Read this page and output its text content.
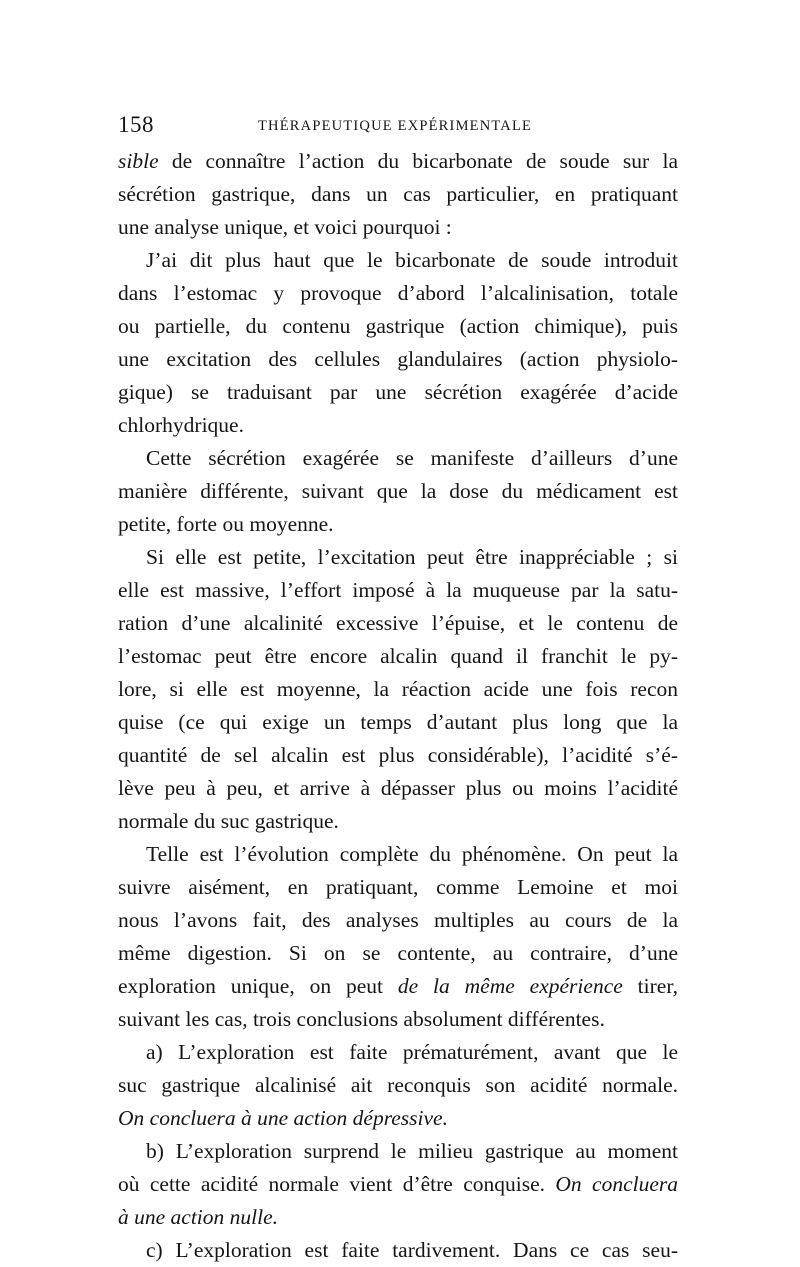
158	THÉRAPEUTIQUE EXPÉRIMENTALE
sible de connaître l’action du bicarbonate de soude sur la
sécrétion gastrique, dans un cas particulier, en pratiquant
une analyse unique, et voici pourquoi :
J’ai dit plus haut que le bicarbonate de soude introduit
dans l’estomac y provoque d’abord l’alcalinisation, totale
ou partielle, du contenu gastrique (action chimique), puis
une excitation des cellules glandulaires (action physiolo-
gique) se traduisant par une sécrétion exagérée d’acide
chlorhydrique.
Cette sécrétion exagérée se manifeste d’ailleurs d’une
manière différente, suivant que la dose du médicament est
petite, forte ou moyenne.
Si elle est petite, l’excitation peut être inappréciable ; si
elle est massive, l’effort imposé à la muqueuse par la satu-
ration d’une alcalinité excessive l’épuise, et le contenu de
l’estomac peut être encore alcalin quand il franchit le py-
lore, si elle est moyenne, la réaction acide une fois recon
quise (ce qui exige un temps d’autant plus long que la
quantité de sel alcalin est plus considérable), l’acidité s’é-
lève peu à peu, et arrive à dépasser plus ou moins l’acidité
normale du suc gastrique.
Telle est l’évolution complète du phénomène. On peut la
suivre aisément, en pratiquant, comme Lemoine et moi
nous l’avons fait, des analyses multiples au cours de la
même digestion. Si on se contente, au contraire, d’une
exploration unique, on peut de la même expérience tirer,
suivant les cas, trois conclusions absolument différentes.
a) L’exploration est faite prématurément, avant que le
suc gastrique alcalinisé ait reconquis son acidité normale.
On concluera à une action dépressive.
b) L’exploration surprend le milieu gastrique au moment
où cette acidité normale vient d’être conquise. On concluera
à une action nulle.
c) L’exploration est faite tardivement. Dans ce cas seu-
